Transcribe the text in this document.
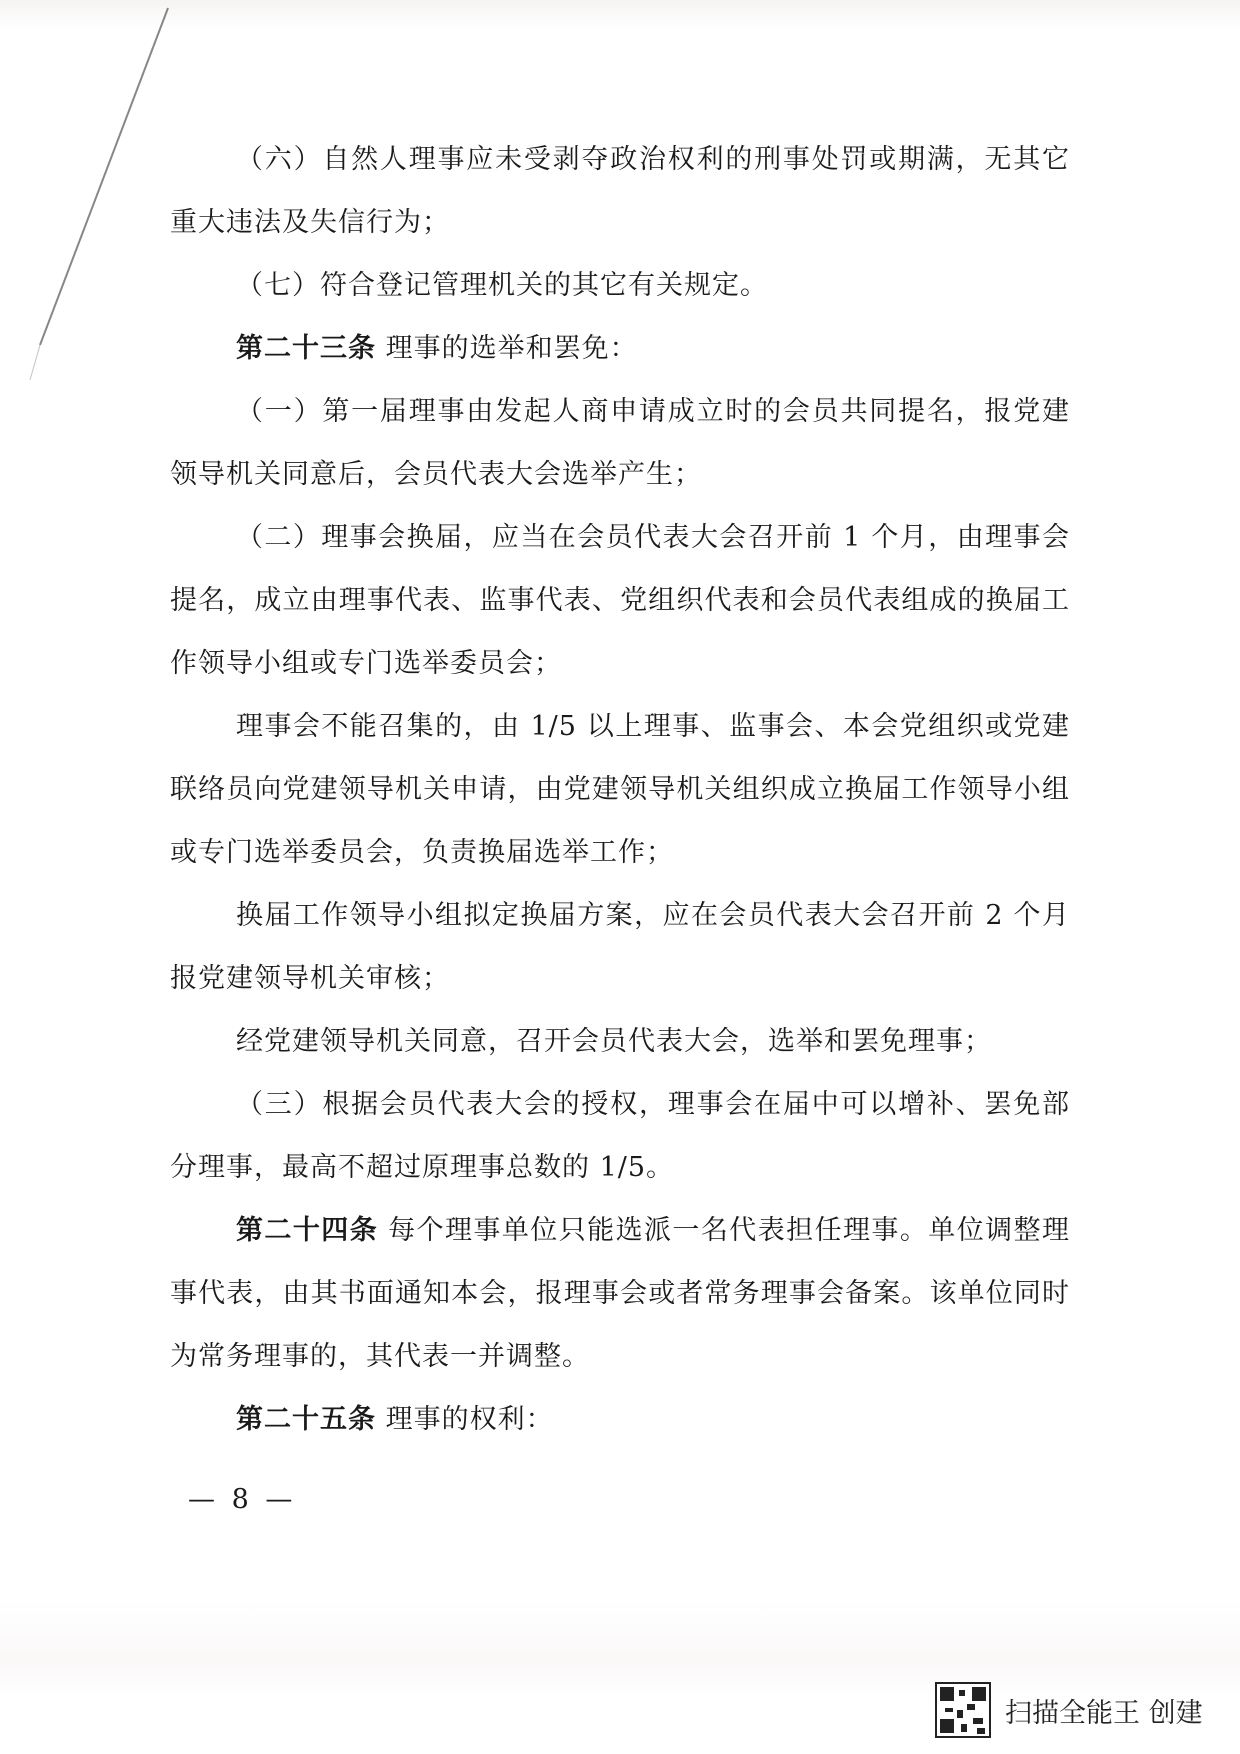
（六）自然人理事应未受剥夺政治权利的刑事处罚或期满，无其它重大违法及失信行为；

（七）符合登记管理机关的其它有关规定。

第二十三条 理事的选举和罢免：

（一）第一届理事由发起人商申请成立时的会员共同提名，报党建领导机关同意后，会员代表大会选举产生；

（二）理事会换届，应当在会员代表大会召开前 1 个月，由理事会提名，成立由理事代表、监事代表、党组织代表和会员代表组成的换届工作领导小组或专门选举委员会；

理事会不能召集的，由 1/5 以上理事、监事会、本会党组织或党建联络员向党建领导机关申请，由党建领导机关组织成立换届工作领导小组或专门选举委员会，负责换届选举工作；

换届工作领导小组拟定换届方案，应在会员代表大会召开前 2 个月报党建领导机关审核；

经党建领导机关同意，召开会员代表大会，选举和罢免理事；

（三）根据会员代表大会的授权，理事会在届中可以增补、罢免部分理事，最高不超过原理事总数的 1/5。

第二十四条 每个理事单位只能选派一名代表担任理事。单位调整理事代表，由其书面通知本会，报理事会或者常务理事会备案。该单位同时为常务理事的，其代表一并调整。

第二十五条 理事的权利：

— 8 —
扫描全能王 创建
